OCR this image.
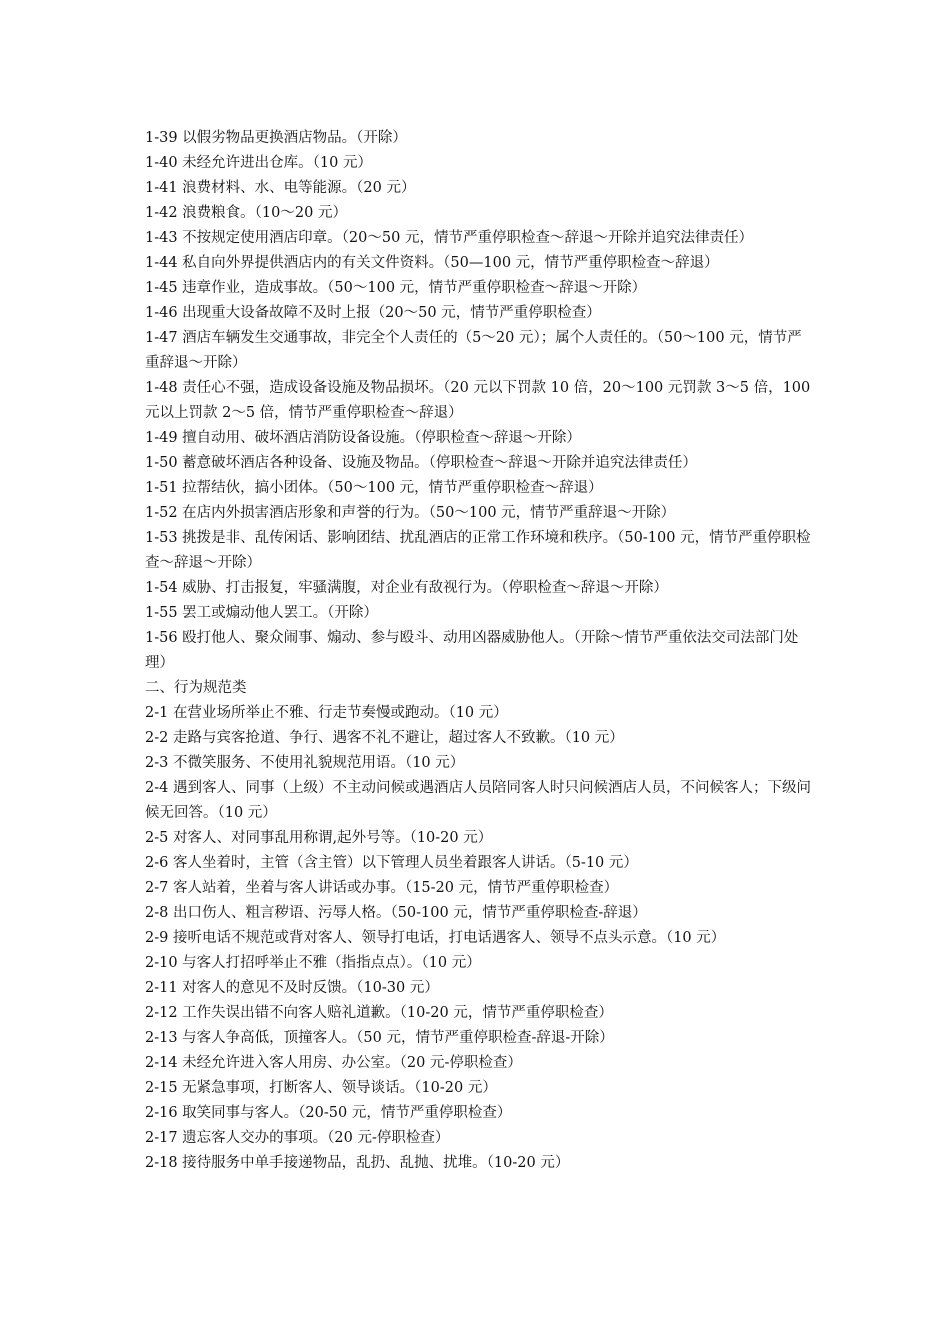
1-39 以假劣物品更换酒店物品。（开除）

1-40 未经允许进出仓库。（10 元）

1-41 浪费材料、水、电等能源。（20 元）

1-42 浪费粮食。（10～20 元）

1-43 不按规定使用酒店印章。（20～50 元，情节严重停职检查～辞退～开除并追究法律责任）

1-44 私自向外界提供酒店内的有关文件资料。（50—100 元，情节严重停职检查～辞退）

1-45 违章作业，造成事故。（50～100 元，情节严重停职检查～辞退～开除）

1-46 出现重大设备故障不及时上报（20～50 元，情节严重停职检查）

1-47 酒店车辆发生交通事故，非完全个人责任的（5～20 元）；属个人责任的。（50～100 元，情节严重辞退～开除）

1-48 责任心不强，造成设备设施及物品损坏。（20 元以下罚款 10 倍，20～100 元罚款 3～5 倍，100 元以上罚款 2～5 倍，情节严重停职检查～辞退）

1-49 擅自动用、破坏酒店消防设备设施。（停职检查～辞退～开除）

1-50 蓄意破坏酒店各种设备、设施及物品。（停职检查～辞退～开除并追究法律责任）

1-51 拉帮结伙，搞小团体。（50～100 元，情节严重停职检查～辞退）

1-52 在店内外损害酒店形象和声誉的行为。（50～100 元，情节严重辞退～开除）

1-53 挑拨是非、乱传闲话、影响团结、扰乱酒店的正常工作环境和秩序。（50-100 元，情节严重停职检查～辞退～开除）

1-54 威胁、打击报复，牢骚满腹，对企业有敌视行为。（停职检查～辞退～开除）

1-55 罢工或煽动他人罢工。（开除）

1-56 殴打他人、聚众闹事、煽动、参与殴斗、动用凶器威胁他人。（开除～情节严重依法交司法部门处理）

二、行为规范类

2-1 在营业场所举止不雅、行走节奏慢或跑动。（10 元）

2-2 走路与宾客抢道、争行、遇客不礼不避让，超过客人不致歉。（10 元）

2-3 不微笑服务、不使用礼貌规范用语。（10 元）

2-4 遇到客人、同事（上级）不主动问候或遇酒店人员陪同客人时只问候酒店人员，不问候客人；下级问候无回答。（10 元）

2-5 对客人、对同事乱用称谓,起外号等。（10-20 元）

2-6 客人坐着时，主管（含主管）以下管理人员坐着跟客人讲话。（5-10 元）

2-7 客人站着，坐着与客人讲话或办事。（15-20 元，情节严重停职检查）

2-8 出口伤人、粗言秽语、污辱人格。（50-100 元，情节严重停职检查-辞退）

2-9 接听电话不规范或背对客人、领导打电话，打电话遇客人、领导不点头示意。（10 元）

2-10 与客人打招呼举止不雅（指指点点）。（10 元）

2-11 对客人的意见不及时反馈。（10-30 元）

2-12 工作失误出错不向客人赔礼道歉。（10-20 元，情节严重停职检查）

2-13 与客人争高低，顶撞客人。（50 元，情节严重停职检查-辞退-开除）

2-14 未经允许进入客人用房、办公室。（20 元-停职检查）

2-15 无紧急事项，打断客人、领导谈话。（10-20 元）

2-16 取笑同事与客人。（20-50 元，情节严重停职检查）

2-17 遗忘客人交办的事项。（20 元-停职检查）

2-18 接待服务中单手接递物品，乱扔、乱抛、扰堆。（10-20 元）
